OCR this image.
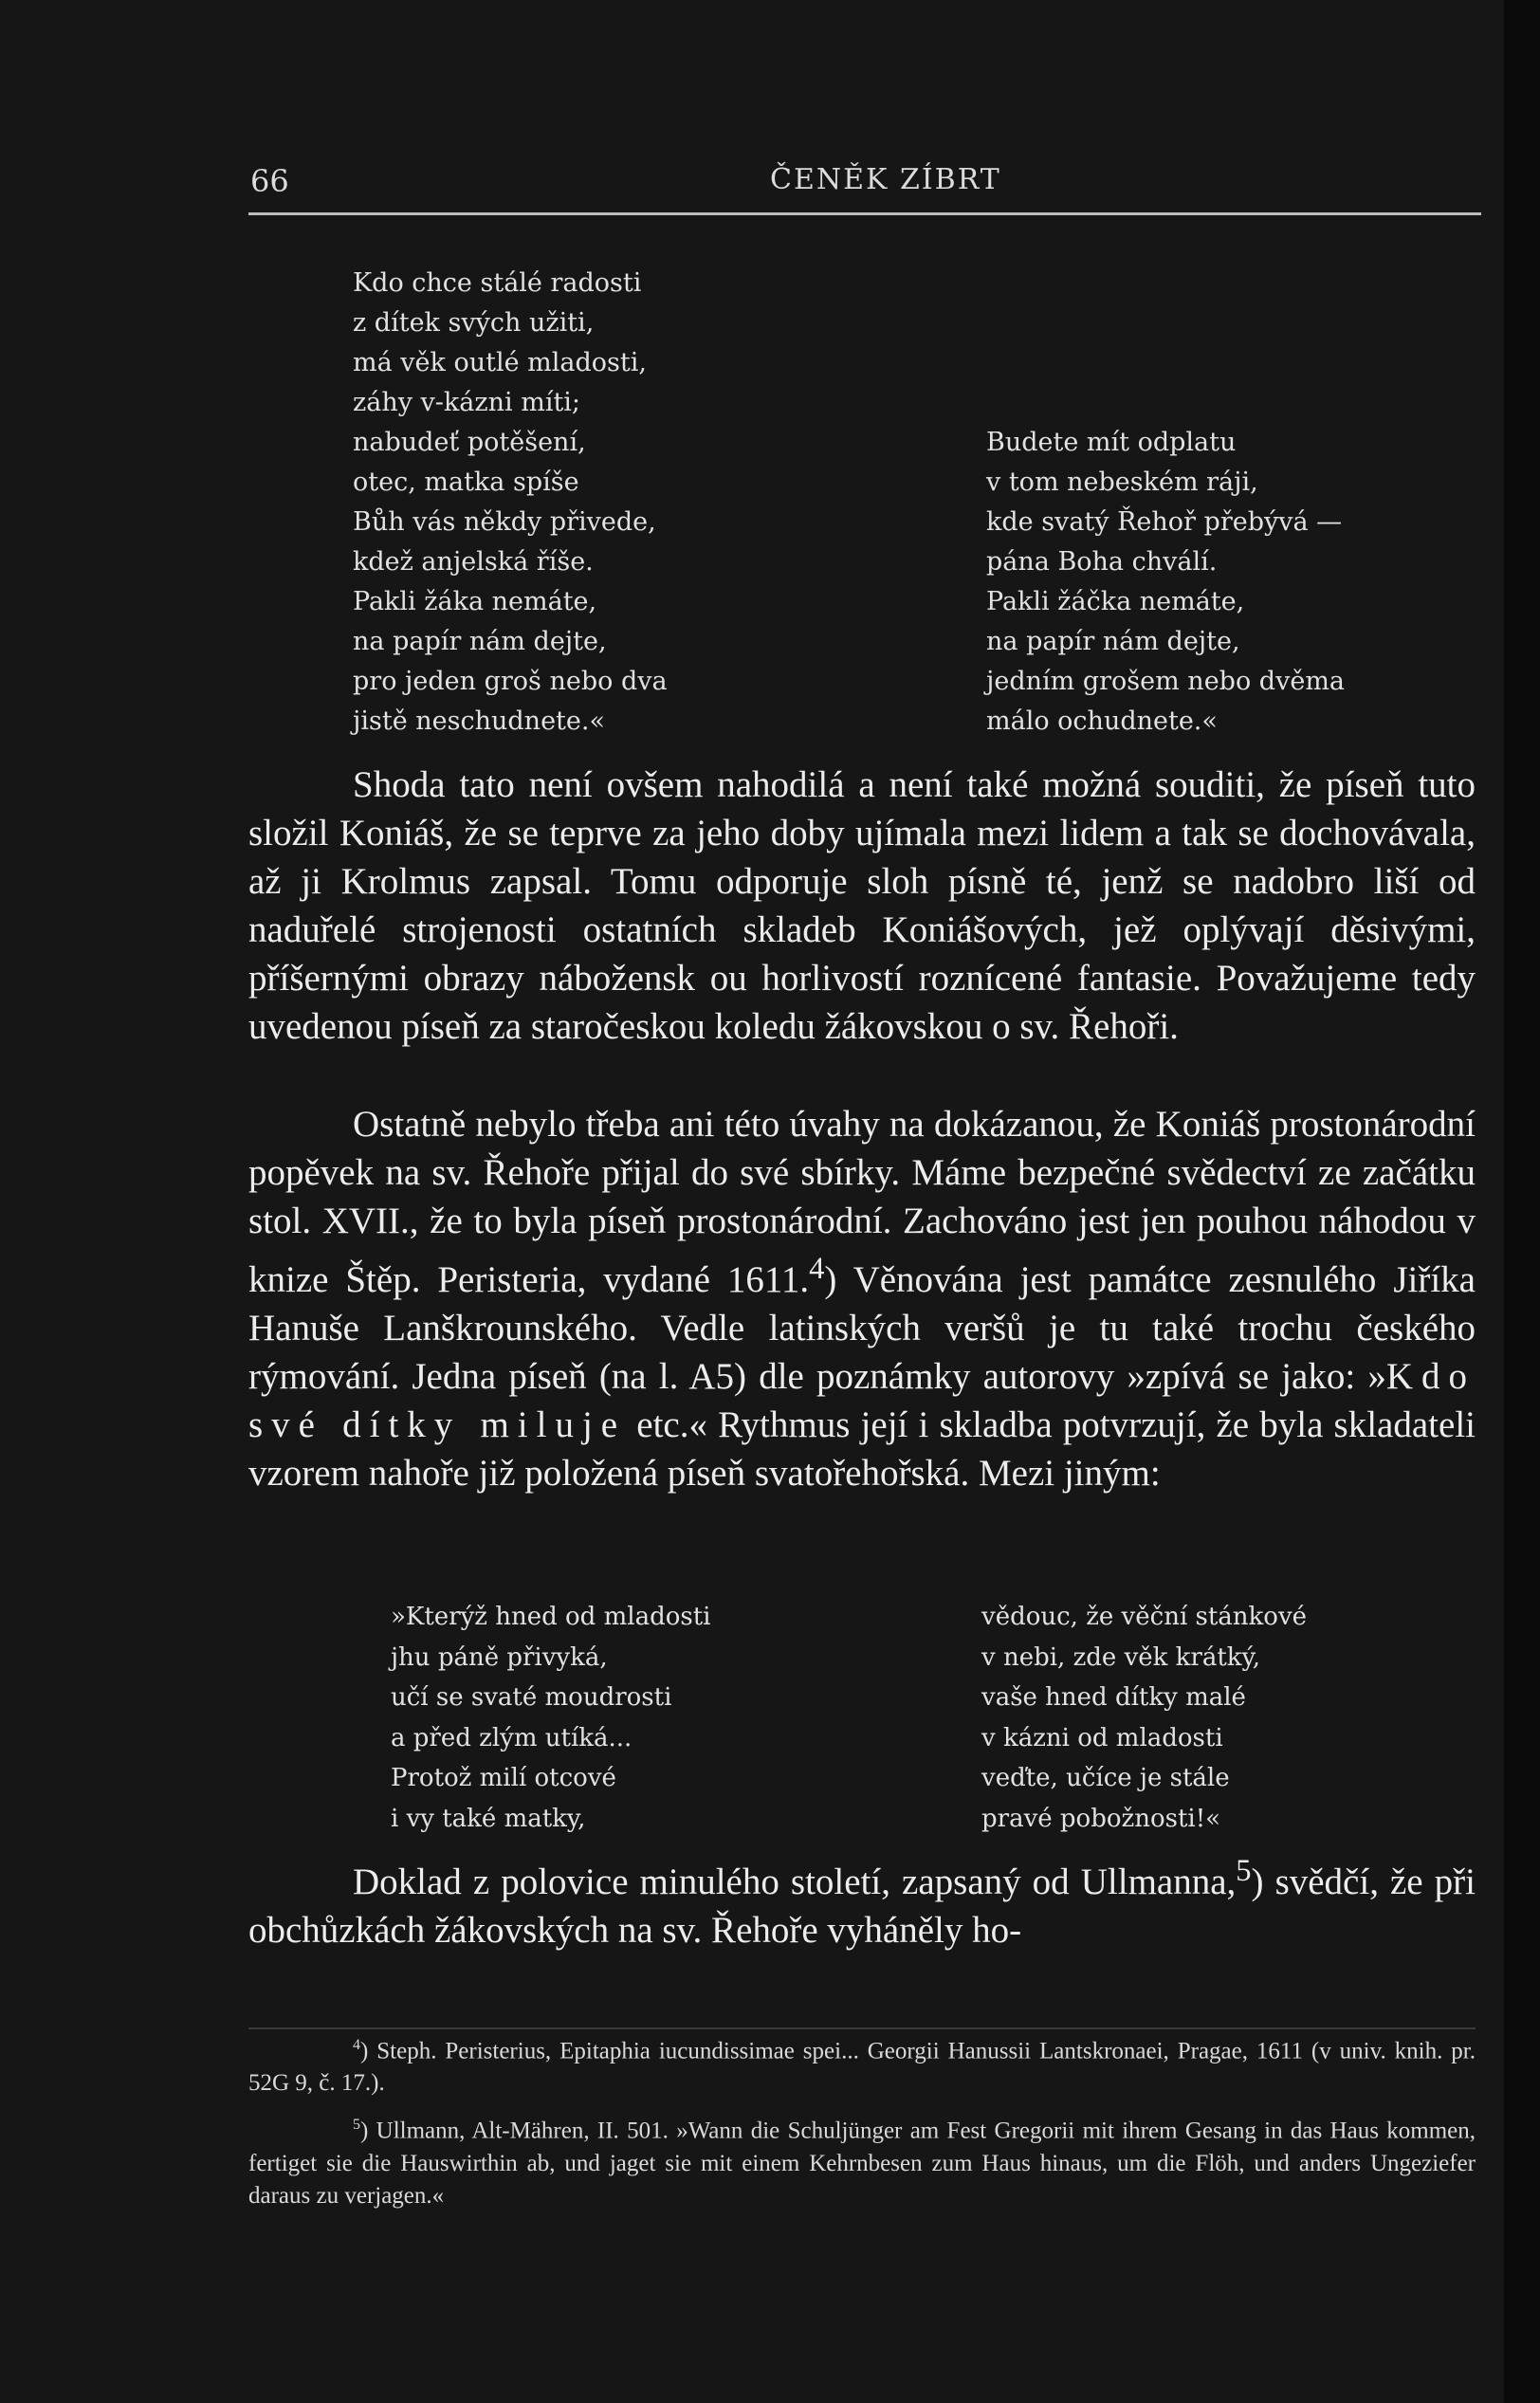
66	ČENĚK ZÍBRT
Kdo chce stálé radosti
z dítek svých užiti,
má věk outlé mladosti,
záhy v-kázni míti;
nabudeť potěšení,
otec, matka spíše
Bůh vás někdy přivede,
kdež anjelská říše.
Pakli žáka nemáte,
na papír nám dejte,
pro jeden groš nebo dva
jistě neschudnete.«
Budete mít odplatu
v tom nebeském ráji,
kde svatý Řehoř přebývá —
pána Boha chválí.
Pakli žáčka nemáte,
na papír nám dejte,
jedním grošem nebo dvěma
málo ochudnete.«

Shoda tato není ovšem nahodilá a není také možná souditi, že píseň tuto složil Koniáš, že se teprve za jeho doby ujímala mezi lidem a tak se dochovávala, až ji Krolmus zapsal. Tomu odporuje sloh písně té, jenž se nadobro liší od naduřelé strojenosti ostatních skladeb Koniášových, jež oplývají děsivými, příšernými obrazy nábožensk ou horlivostí roznícené fantasie. Považujeme tedy uvedenou píseň za staročeskou koledu žákovskou o sv. Řehoři.

Ostatně nebylo třeba ani této úvahy na dokázanou, že Koniáš prostonárodní popěvek na sv. Řehoře přijal do své sbírky. Máme bezpečné svědectví ze začátku stol. XVII., že to byla píseň prostonárodní. Zachováno jest jen pouhou náhodou v knize Štěp. Peristeria, vydané 1611.$^4$) Věnována jest památce zesnulého Jiříka Hanuše Lanškrounského. Vedle latinských veršů je tu také trochu českého rýmování. Jedna píseň (na l. A5) dle poznámky autorovy »zpívá se jako: »Kdo své dítky miluje etc.« Rythmus její i skladba potvrzují, že byla skladateli vzorem nahoře již položená píseň svatořehořská. Mezi jiným:

»Kterýž hned od mladosti
jhu páně přivyká,
učí se svaté moudrosti
a před zlým utíká...
Protož milí otcové
i vy také matky,
vědouc, že věční stánkové
v nebi, zde věk krátký,
vaše hned dítky malé
v kázni od mladosti
veďte, učíce je stále
pravé pobožnosti!«

Doklad z polovice minulého století, zapsaný od Ullmanna,$^5$) svědčí, že při obchůzkách žákovských na sv. Řehoře vyháněly ho-

$^4$) Steph. Peristerius, Epitaphia iucundissimae spei... Georgii Hanussii Lantskronaei, Pragae, 1611 (v univ. knih. pr. 52G 9, č. 17.).

$^5$) Ullmann, Alt-Mähren, II. 501. »Wann die Schuljünger am Fest Gregorii mit ihrem Gesang in das Haus kommen, fertiget sie die Hauswirthin ab, und jaget sie mit einem Kehrnbesen zum Haus hinaus, um die Flöh, und anders Ungeziefer daraus zu verjagen.«
